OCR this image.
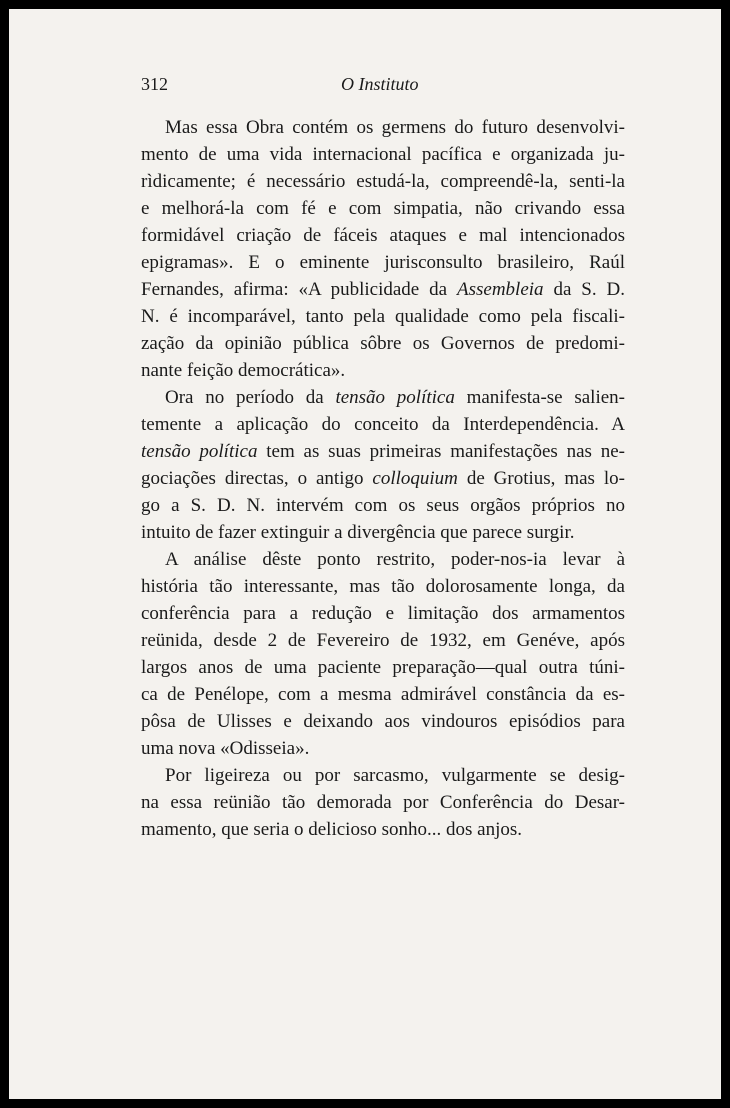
312	O Instituto
Mas essa Obra contém os germens do futuro desenvolvi-
mento de uma vida internacional pacífica e organizada ju-
rìdicamente; é necessário estudá-la, compreendê-la, senti-la
e melhorá-la com fé e com simpatia, não crivando essa
formidável criação de fáceis ataques e mal intencionados
epigramas». E o eminente jurisconsulto brasileiro, Raúl
Fernandes, afirma: «A publicidade da Assembleia da S. D.
N. é incomparável, tanto pela qualidade como pela fiscali-
zação da opinião pública sôbre os Governos de predomi-
nante feição democrática».
Ora no período da tensão política manifesta-se salien-
temente a aplicação do conceito da Interdependência. A
tensão política tem as suas primeiras manifestações nas ne-
gociações directas, o antigo colloquium de Grotius, mas lo-
go a S. D. N. intervém com os seus orgãos próprios no
intuito de fazer extinguir a divergência que parece surgir.
A análise dêste ponto restrito, poder-nos-ia levar à
história tão interessante, mas tão dolorosamente longa, da
conferência para a redução e limitação dos armamentos
reünida, desde 2 de Fevereiro de 1932, em Genéve, após
largos anos de uma paciente preparação—qual outra túni-
ca de Penélope, com a mesma admirável constância da es-
pôsa de Ulisses e deixando aos vindouros episódios para
uma nova «Odisseia».
Por ligeireza ou por sarcasmo, vulgarmente se desig-
na essa reünião tão demorada por Conferência do Desar-
mamento, que seria o delicioso sonho... dos anjos.
